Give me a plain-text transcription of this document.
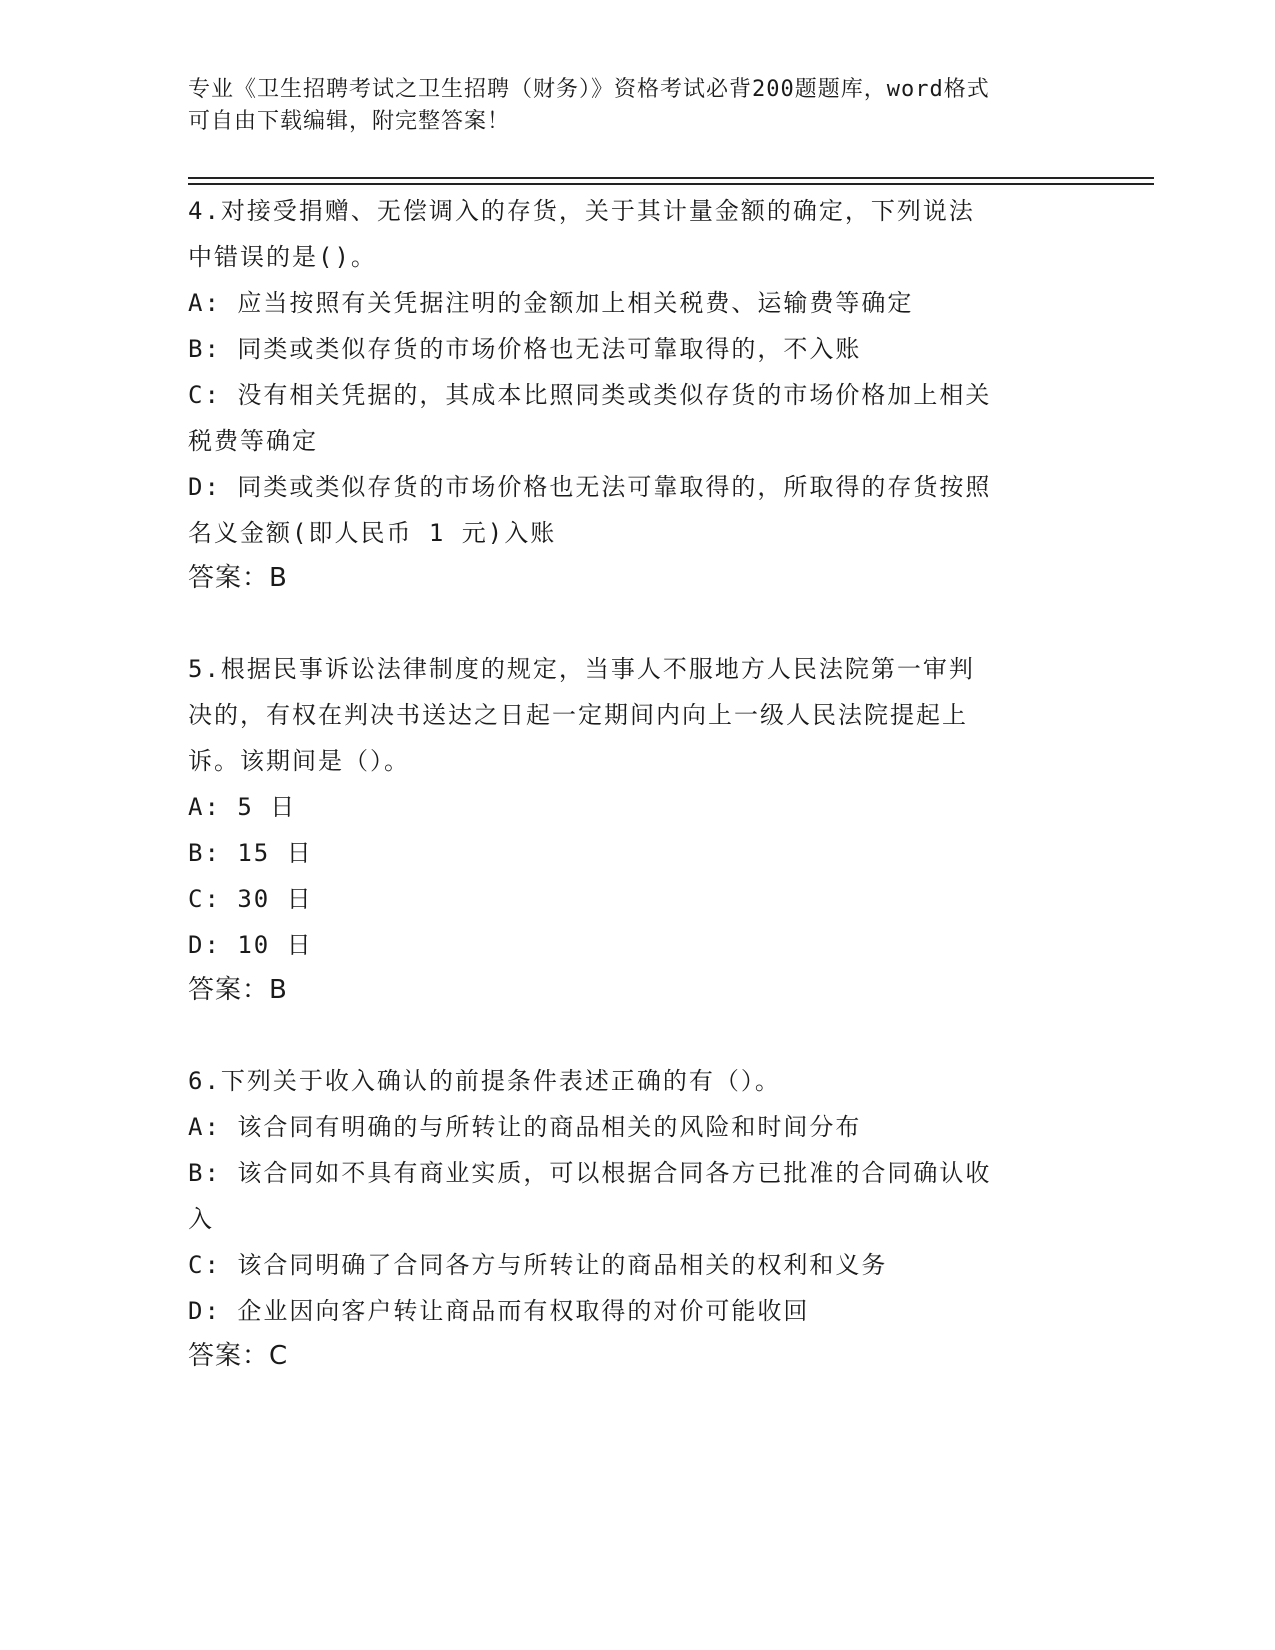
专业《卫生招聘考试之卫生招聘（财务）》资格考试必背200题题库，word格式
可自由下载编辑，附完整答案！
4.对接受捐赠、无偿调入的存货，关于其计量金额的确定，下列说法
中错误的是()。
A: 应当按照有关凭据注明的金额加上相关税费、运输费等确定
B: 同类或类似存货的市场价格也无法可靠取得的，不入账
C: 没有相关凭据的，其成本比照同类或类似存货的市场价格加上相关
税费等确定
D: 同类或类似存货的市场价格也无法可靠取得的，所取得的存货按照
名义金额(即人民币 1 元)入账
答案：B
5.根据民事诉讼法律制度的规定，当事人不服地方人民法院第一审判
决的，有权在判决书送达之日起一定期间内向上一级人民法院提起上
诉。该期间是（）。
A: 5 日
B: 15 日
C: 30 日
D: 10 日
答案：B
6.下列关于收入确认的前提条件表述正确的有（）。
A: 该合同有明确的与所转让的商品相关的风险和时间分布
B: 该合同如不具有商业实质，可以根据合同各方已批准的合同确认收
入
C: 该合同明确了合同各方与所转让的商品相关的权利和义务
D: 企业因向客户转让商品而有权取得的对价可能收回
答案：C
